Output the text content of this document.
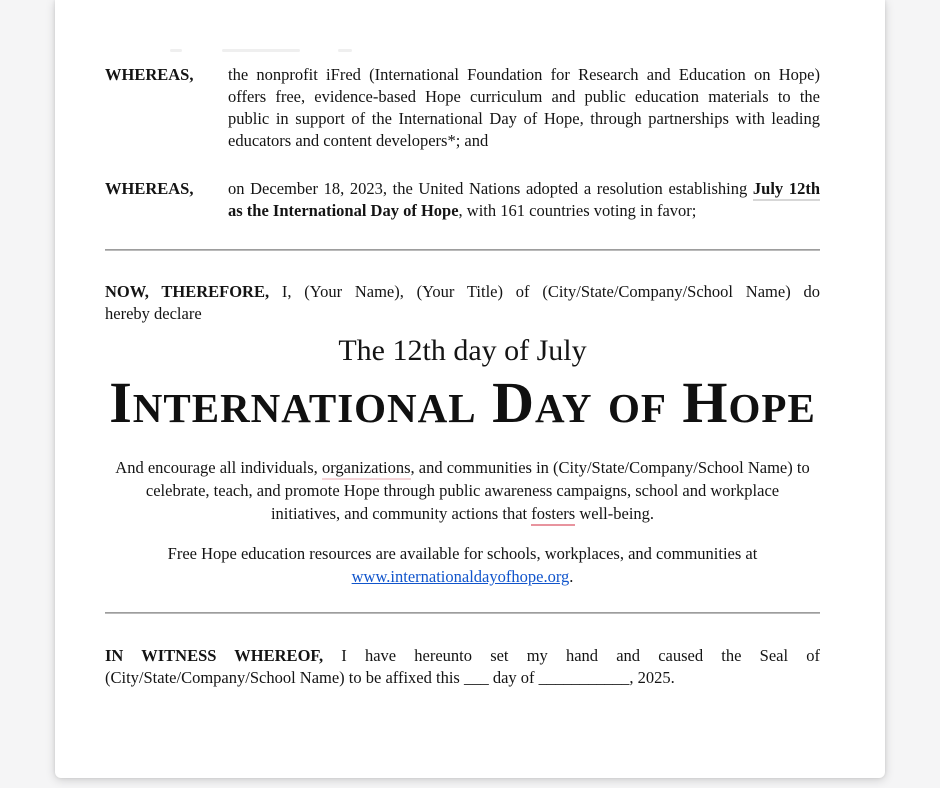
WHEREAS,	the nonprofit iFred (International Foundation for Research and Education on Hope)
offers free, evidence-based Hope curriculum and public education materials to the
public in support of the International Day of Hope, through partnerships with leading
educators and content developers*; and
WHEREAS,	on December 18, 2023, the United Nations adopted a resolution establishing July 12th
as the International Day of Hope, with 161 countries voting in favor;
NOW, THEREFORE, I, (Your Name), (Your Title) of (City/State/Company/School Name) do
hereby declare
The 12th day of July
International Day of Hope
And encourage all individuals, organizations, and communities in (City/State/Company/School Name) to
celebrate, teach, and promote Hope through public awareness campaigns, school and workplace
initiatives, and community actions that fosters well-being.
Free Hope education resources are available for schools, workplaces, and communities at
www.internationaldayofhope.org.
IN WITNESS WHEREOF, I have hereunto set my hand and caused the Seal of
(City/State/Company/School Name) to be affixed this ___ day of ___________, 2025.
